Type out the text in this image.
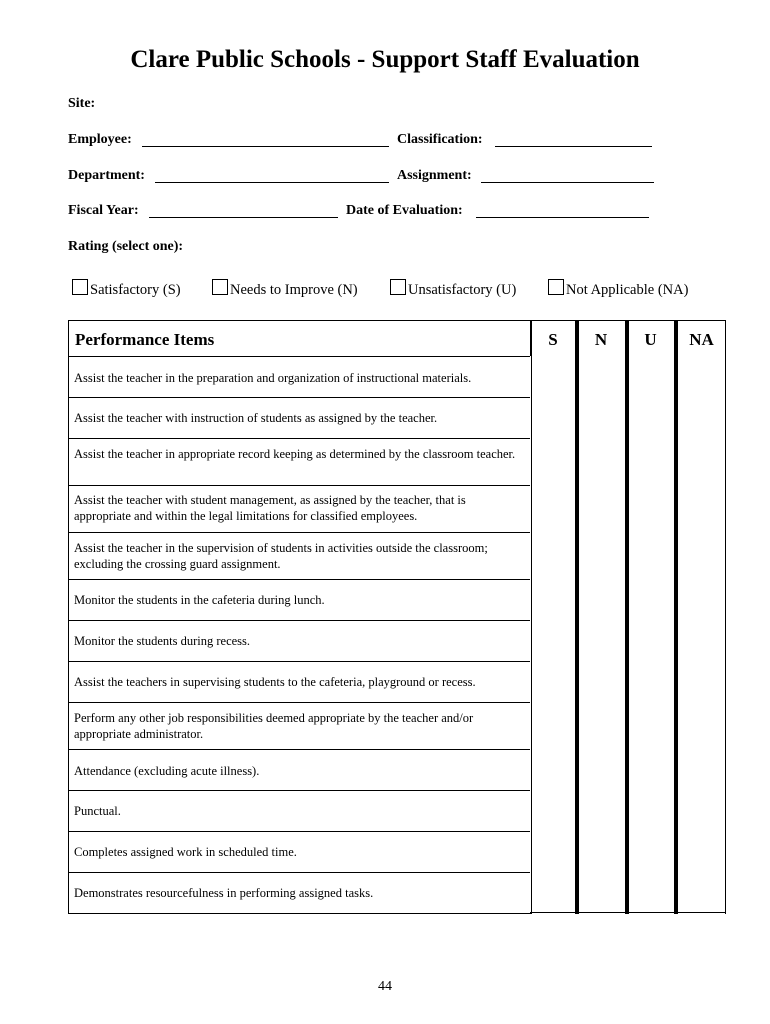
Clare Public Schools - Support Staff Evaluation
Site:
Employee:	Classification:
Department:	Assignment:
Fiscal Year:	Date of Evaluation:
Rating (select one):
Satisfactory (S)	Needs to Improve (N)	Unsatisfactory (U)	Not Applicable (NA)
Performance Items	S	N	U	NA
Assist the teacher in the preparation and organization of instructional materials.
Assist the teacher with instruction of students as assigned by the teacher.
Assist the teacher in appropriate record keeping as determined by the classroom teacher.
Assist the teacher with student management, as assigned by the teacher, that is appropriate and within the legal limitations for classified employees.
Assist the teacher in the supervision of students in activities outside the classroom; excluding the crossing guard assignment.
Monitor the students in the cafeteria during lunch.
Monitor the students during recess.
Assist the teachers in supervising students to the cafeteria, playground or recess.
Perform any other job responsibilities deemed appropriate by the teacher and/or appropriate administrator.
Attendance (excluding acute illness).
Punctual.
Completes assigned work in scheduled time.
Demonstrates resourcefulness in performing assigned tasks.
44
